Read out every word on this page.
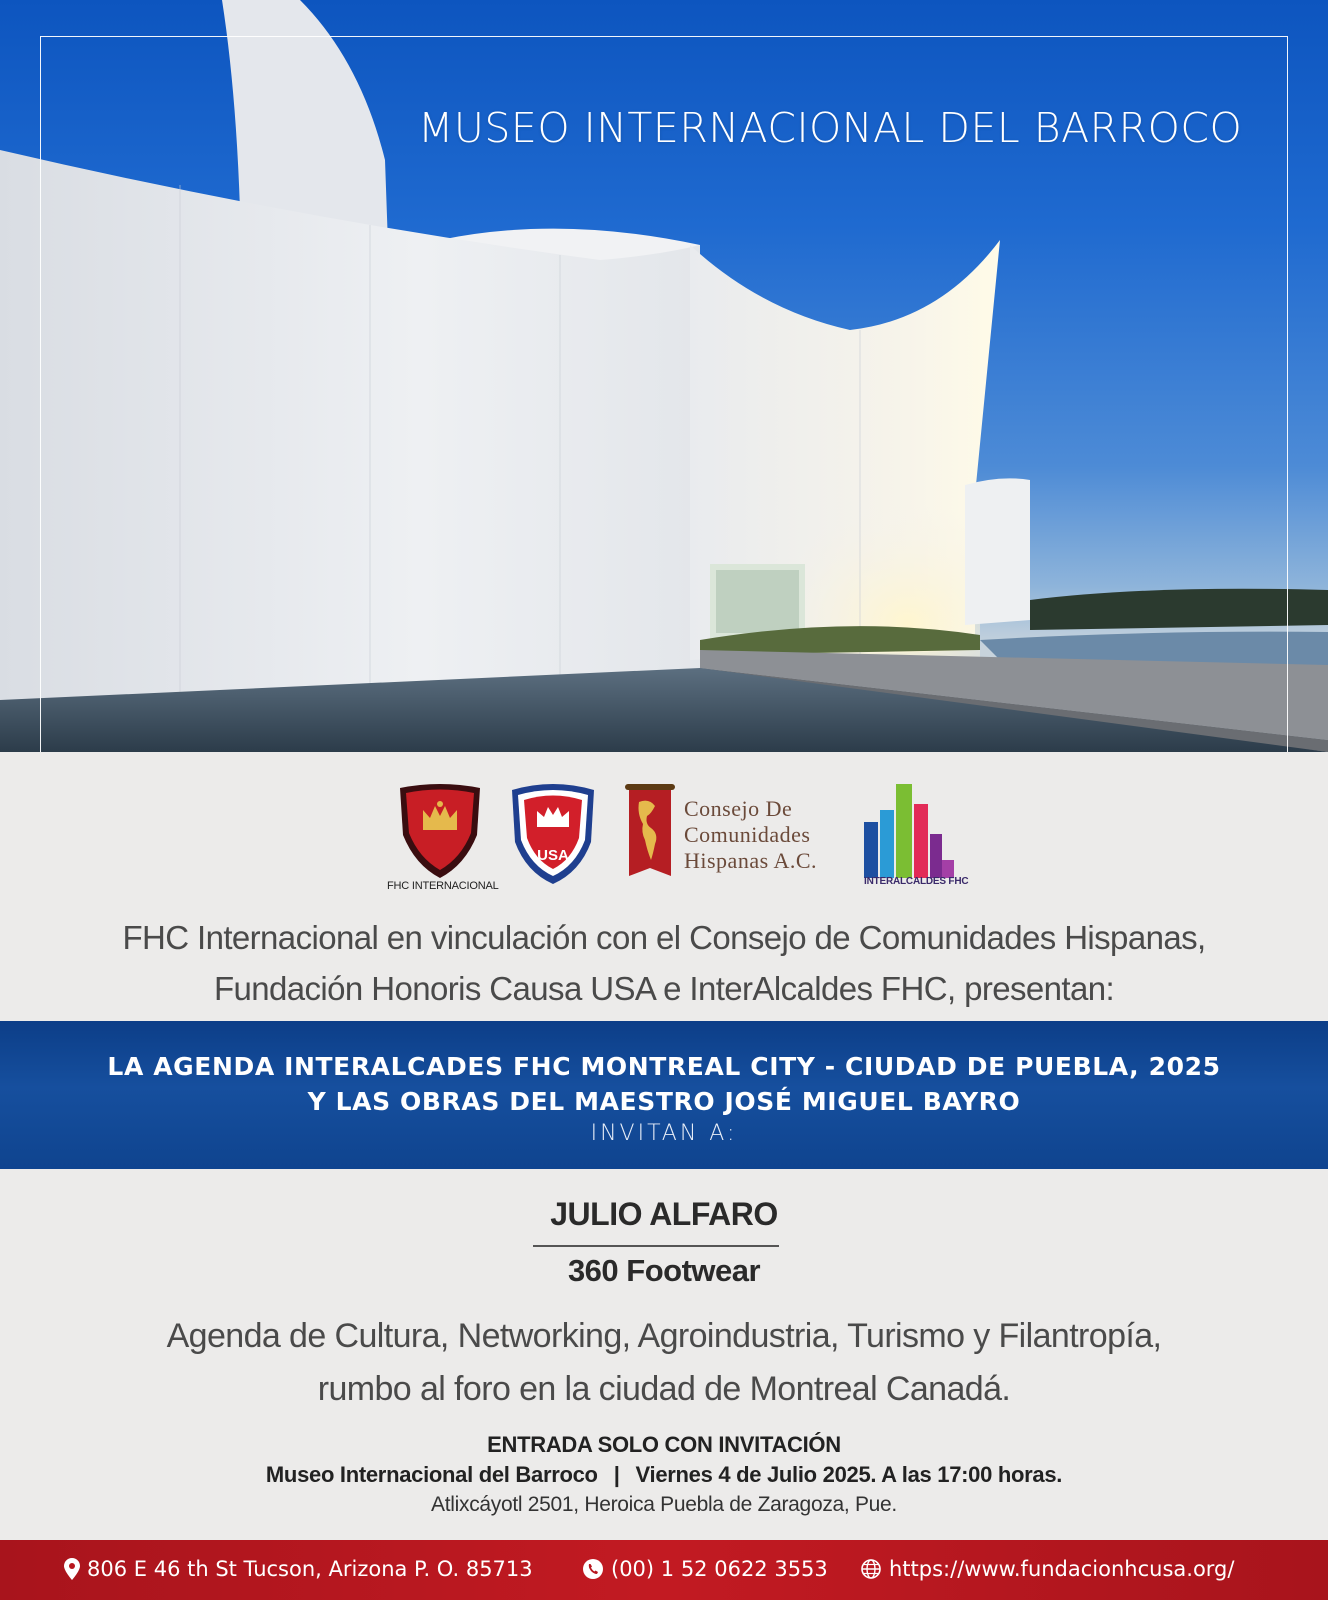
MUSEO INTERNACIONAL DEL BARROCO
FHC INTERNACIONAL
USA
Consejo De
Comunidades
Hispanas A.C.
INTERALCALDES FHC
FHC Internacional en vinculación con el Consejo de Comunidades Hispanas,
Fundación Honoris Causa USA e InterAlcaldes FHC, presentan:
LA AGENDA INTERALCADES FHC MONTREAL CITY - CIUDAD DE PUEBLA, 2025
Y LAS OBRAS DEL MAESTRO JOSÉ MIGUEL BAYRO
INVITAN A:
JULIO ALFARO
360 Footwear
Agenda de Cultura, Networking, Agroindustria, Turismo y Filantropía,
rumbo al foro en la ciudad de Montreal Canadá.
ENTRADA SOLO CON INVITACIÓN
Museo Internacional del Barroco | Viernes 4 de Julio 2025. A las 17:00 horas.
Atlixcáyotl 2501, Heroica Puebla de Zaragoza, Pue.
806 E 46 th St Tucson, Arizona P. O. 85713	(00) 1 52 0622 3553	https://www.fundacionhcusa.org/
